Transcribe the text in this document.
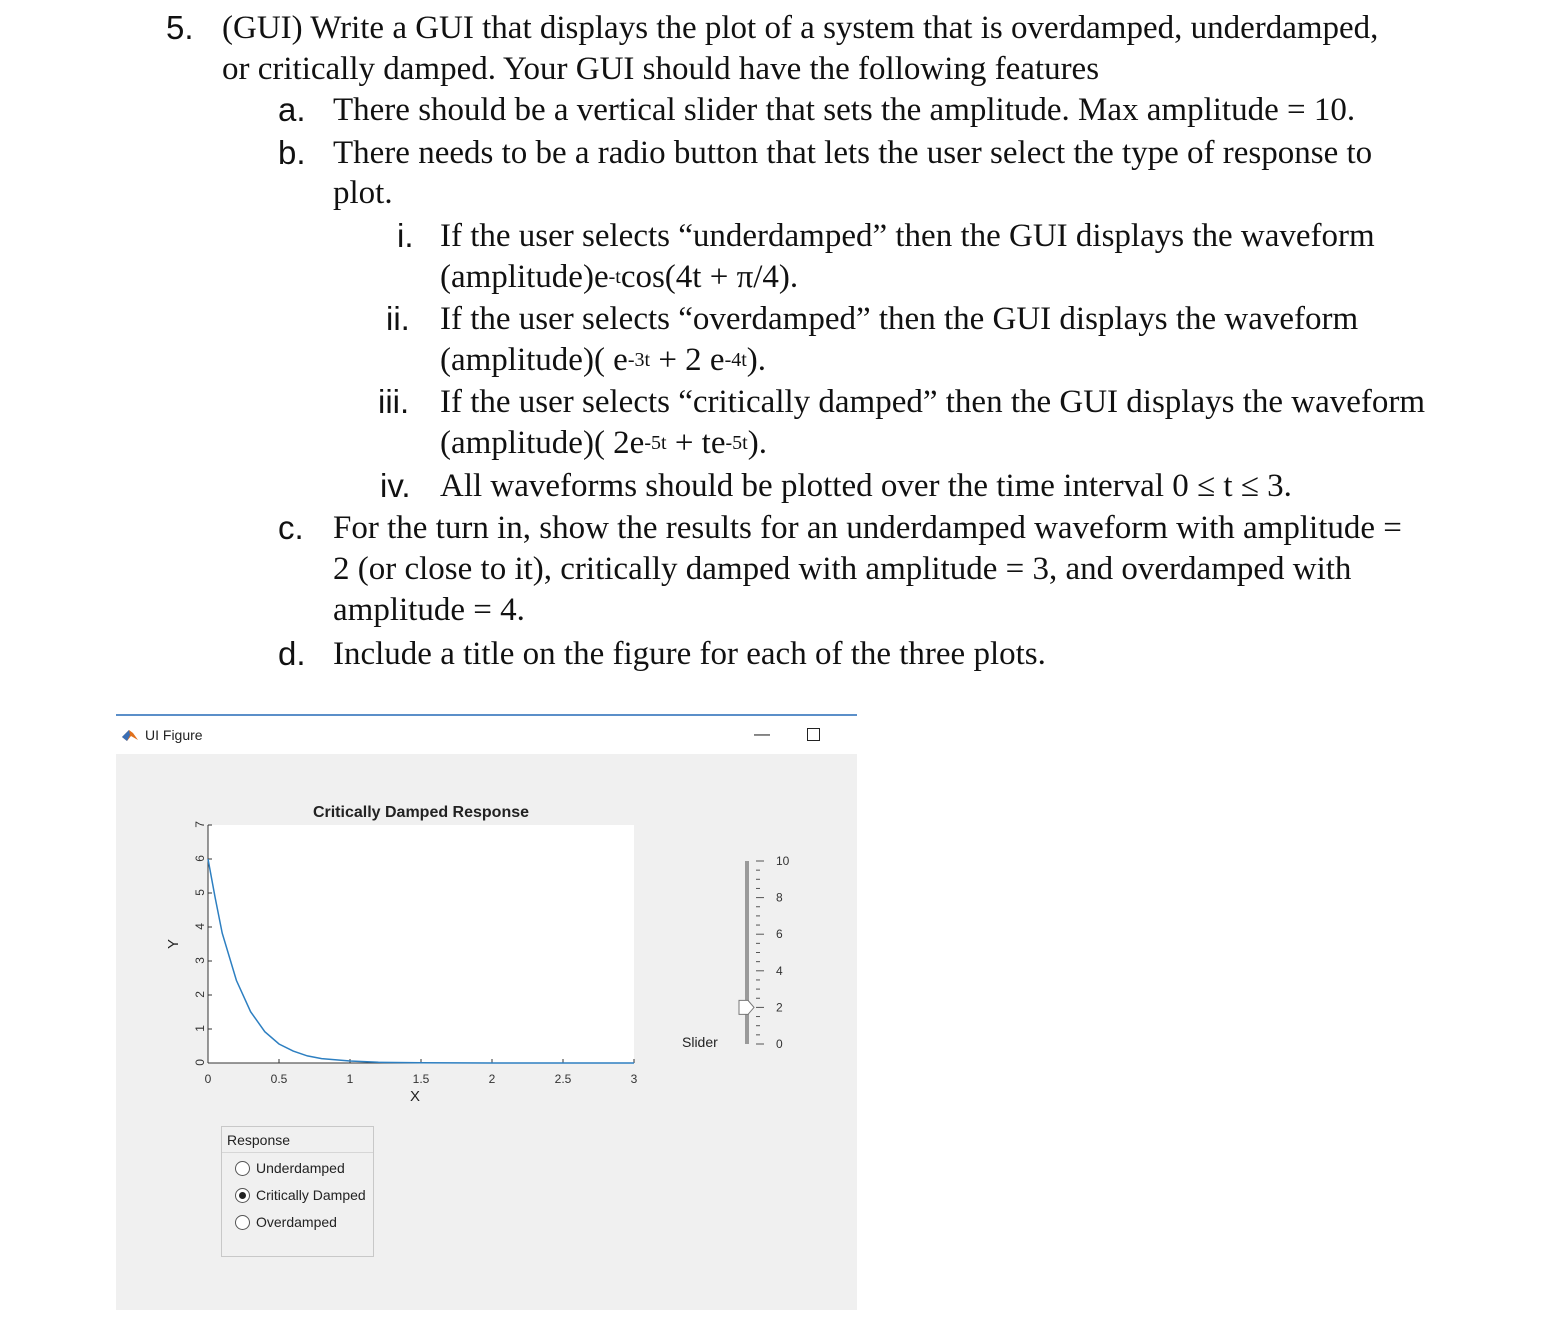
5. (GUI) Write a GUI that displays the plot of a system that is overdamped, underdamped,
or critically damped. Your GUI should have the following features
a. There should be a vertical slider that sets the amplitude. Max amplitude = 10.
b. There needs to be a radio button that lets the user select the type of response to
plot.
i. If the user selects “underdamped” then the GUI displays the waveform
$(amplitude)e^{-t}\cos(4t + \pi/4)$.
ii. If the user selects “overdamped” then the GUI displays the waveform
(amplitude)( $e^{-3t} + 2$ $e^{-4t}$).
iii. If the user selects “critically damped” then the GUI displays the waveform
(amplitude)( $2e^{-5t} + te^{-5t}$).
iv. All waveforms should be plotted over the time interval 0 ≤ t ≤ 3.
c. For the turn in, show the results for an underdamped waveform with amplitude =
2 (or close to it), critically damped with amplitude = 3, and overdamped with
amplitude = 4.
d. Include a title on the figure for each of the three plots.
UI Figure	—
Critically Damped Response
0	0.5	1	1.5	2	2.5	3
0
1
2
3
4
5
6
7
X
Y
0
2
4
6
8
10
Slider
Response
Underdamped
Critically Damped
Overdamped
